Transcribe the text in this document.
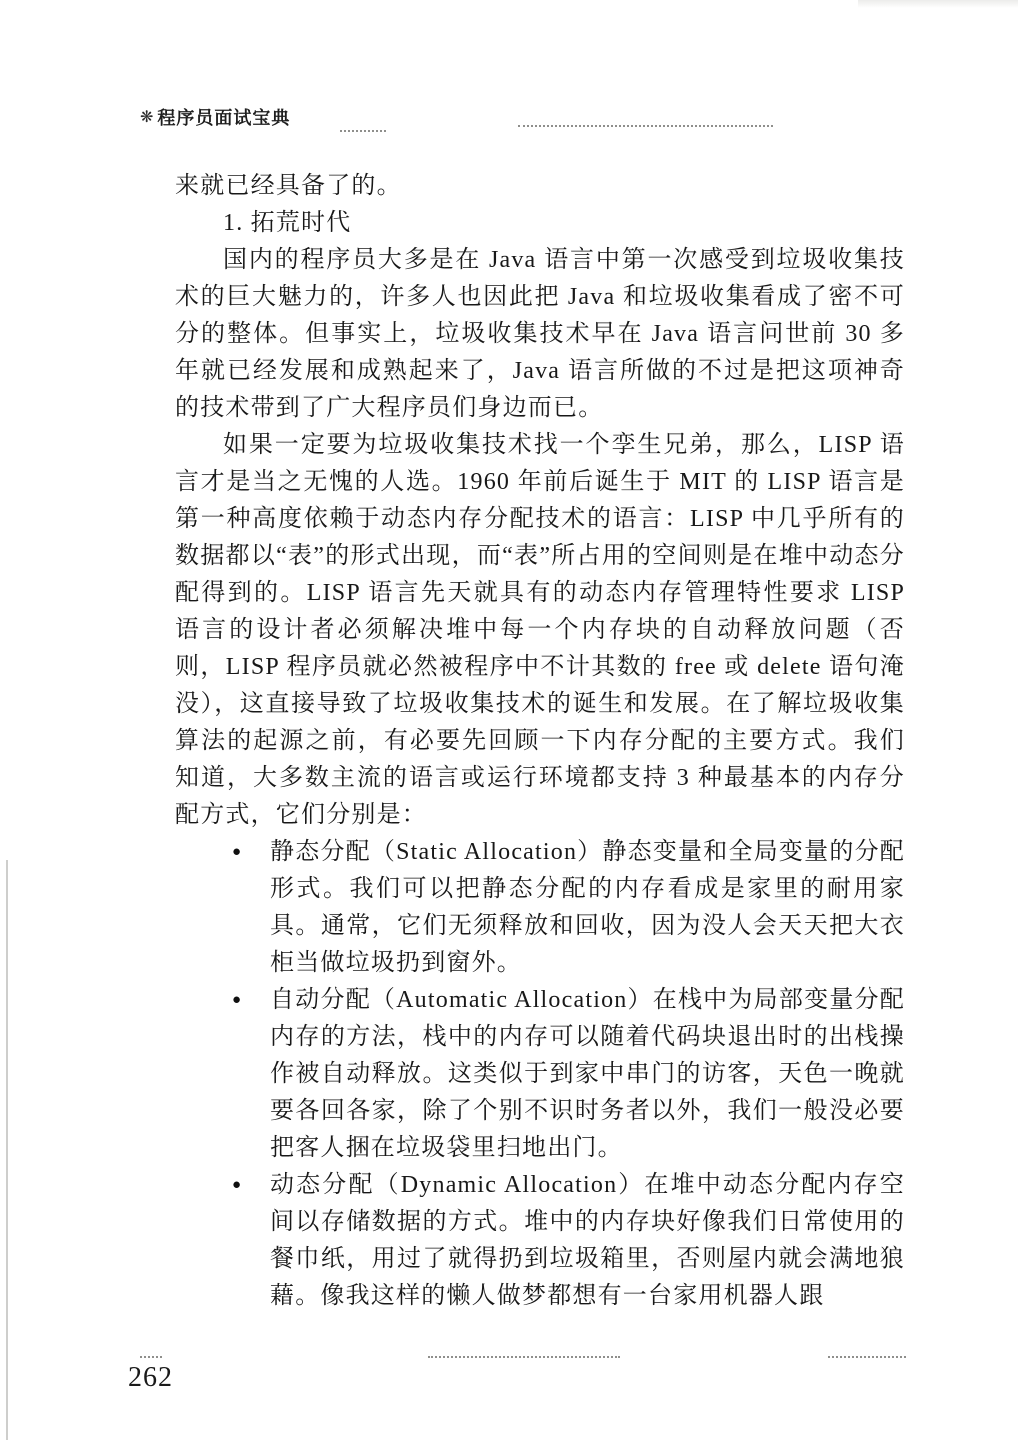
❋ 程序员面试宝典

来就已经具备了的。

1. 拓荒时代

国内的程序员大多是在 Java 语言中第一次感受到垃圾收集技术的巨大魅力的，许多人也因此把 Java 和垃圾收集看成了密不可分的整体。但事实上，垃圾收集技术早在 Java 语言问世前 30 多年就已经发展和成熟起来了，Java 语言所做的不过是把这项神奇的技术带到了广大程序员们身边而已。

如果一定要为垃圾收集技术找一个孪生兄弟，那么，LISP 语言才是当之无愧的人选。1960 年前后诞生于 MIT 的 LISP 语言是第一种高度依赖于动态内存分配技术的语言：LISP 中几乎所有的数据都以“表”的形式出现，而“表”所占用的空间则是在堆中动态分配得到的。LISP 语言先天就具有的动态内存管理特性要求 LISP 语言的设计者必须解决堆中每一个内存块的自动释放问题（否则，LISP 程序员就必然被程序中不计其数的 free 或 delete 语句淹没），这直接导致了垃圾收集技术的诞生和发展。在了解垃圾收集算法的起源之前，有必要先回顾一下内存分配的主要方式。我们知道，大多数主流的语言或运行环境都支持 3 种最基本的内存分配方式，它们分别是：

● 静态分配（Static Allocation）静态变量和全局变量的分配形式。我们可以把静态分配的内存看成是家里的耐用家具。通常，它们无须释放和回收，因为没人会天天把大衣柜当做垃圾扔到窗外。
● 自动分配（Automatic Allocation）在栈中为局部变量分配内存的方法，栈中的内存可以随着代码块退出时的出栈操作被自动释放。这类似于到家中串门的访客，天色一晚就要各回各家，除了个别不识时务者以外，我们一般没必要把客人捆在垃圾袋里扫地出门。
● 动态分配（Dynamic Allocation）在堆中动态分配内存空间以存储数据的方式。堆中的内存块好像我们日常使用的餐巾纸，用过了就得扔到垃圾箱里，否则屋内就会满地狼藉。像我这样的懒人做梦都想有一台家用机器人跟
262
